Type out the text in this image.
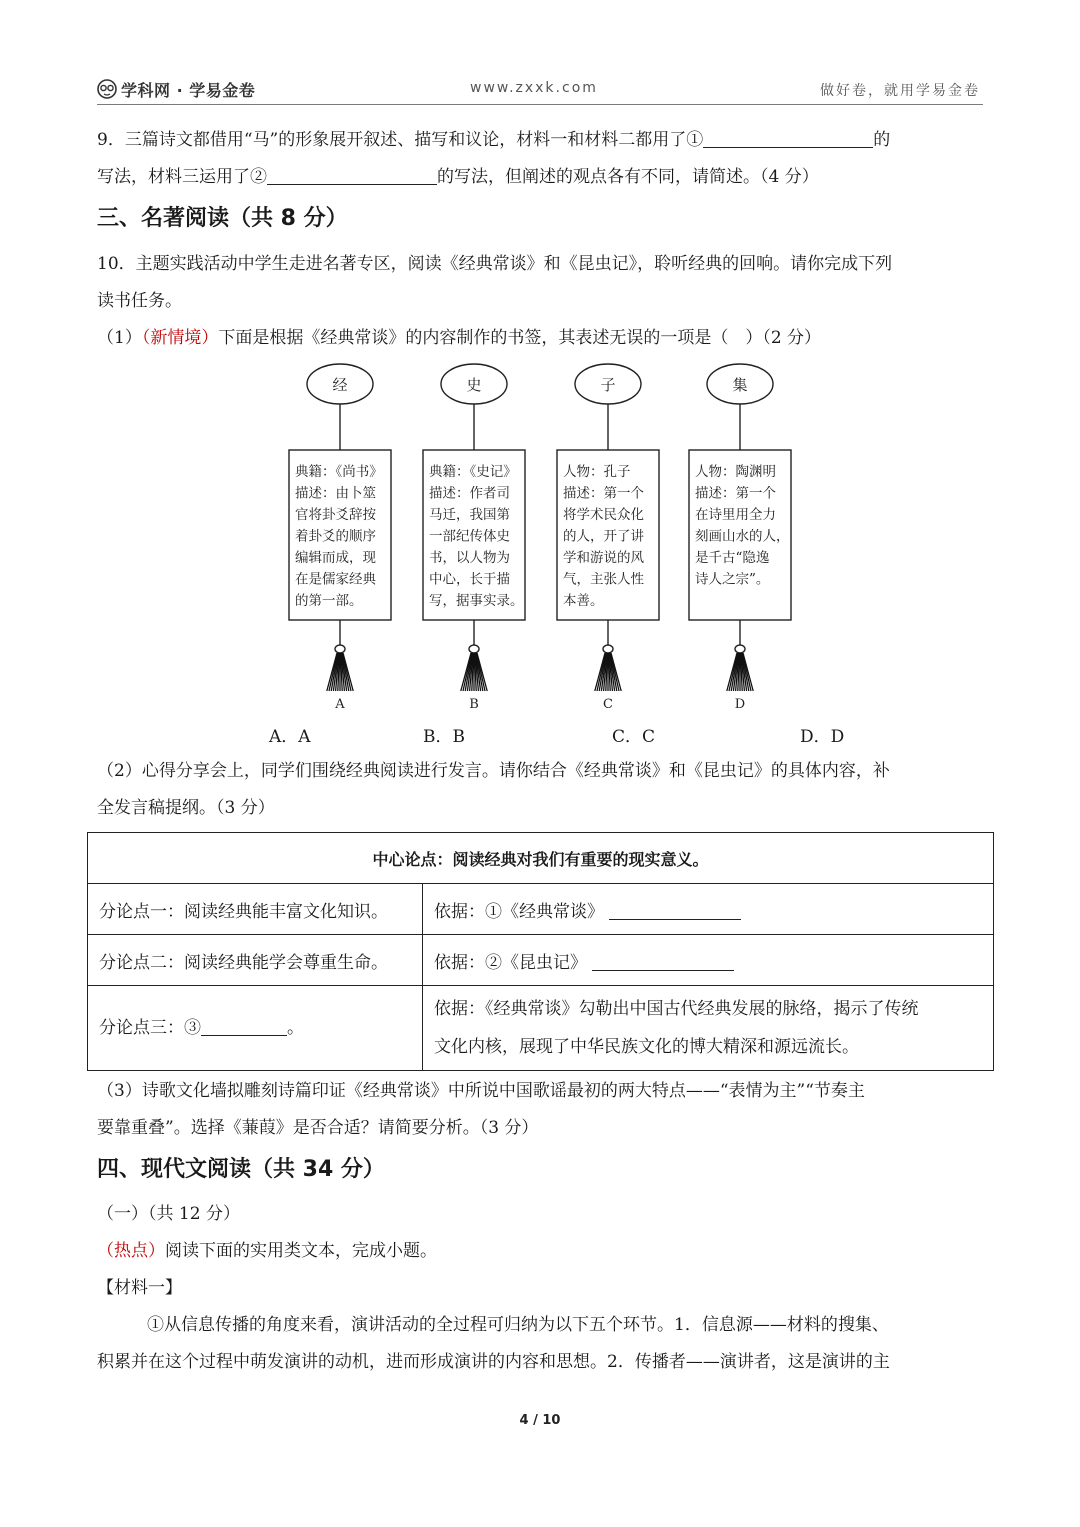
学科网 · 学易金卷	www.zxxk.com	做好卷，就用学易金卷
9．三篇诗文都借用“马”的形象展开叙述、描写和议论，材料一和材料二都用了①	的
写法，材料三运用了②	的写法，但阐述的观点各有不同，请简述。（4 分）
三、名著阅读（共 8 分）
10．主题实践活动中学生走进名著专区，阅读《经典常谈》和《昆虫记》，聆听经典的回响。请你完成下列
读书任务。
（1）（新情境）下面是根据《经典常谈》的内容制作的书签，其表述无误的一项是（　）（2 分）
经
典籍：《尚书》
描述：由卜筮
官将卦爻辞按
着卦爻的顺序
编辑而成，现
在是儒家经典
的第一部。
A
史
典籍：《史记》
描述：作者司
马迁，我国第
一部纪传体史
书，以人物为
中心，长于描
写，据事实录。
B
子
人物：孔子
描述：第一个
将学术民众化
的人，开了讲
学和游说的风
气，主张人性
本善。
C
集
人物：陶渊明
描述：第一个
在诗里用全力
刻画山水的人，
是千古“隐逸
诗人之宗”。
D
A．A	B．B	C．C	D．D
（2）心得分享会上，同学们围绕经典阅读进行发言。请你结合《经典常谈》和《昆虫记》的具体内容，补
全发言稿提纲。（3 分）
中心论点：阅读经典对我们有重要的现实意义。	
分论点一：阅读经典能丰富文化知识。	依据：①《经典常谈》
分论点二：阅读经典能学会尊重生命。	依据：②《昆虫记》
分论点三：③ 。	依据：《经典常谈》勾勒出中国古代经典发展的脉络，揭示了传统
文化内核，展现了中华民族文化的博大精深和源远流长。
（3）诗歌文化墙拟雕刻诗篇印证《经典常谈》中所说中国歌谣最初的两大特点——“表情为主”“节奏主
要靠重叠”。选择《蒹葭》是否合适？请简要分析。（3 分）
四、现代文阅读（共 34 分）
（一）（共 12 分）
（热点）阅读下面的实用类文本，完成小题。
【材料一】
①从信息传播的角度来看，演讲活动的全过程可归纳为以下五个环节。1．信息源——材料的搜集、
积累并在这个过程中萌发演讲的动机，进而形成演讲的内容和思想。2．传播者——演讲者，这是演讲的主
4 / 10
